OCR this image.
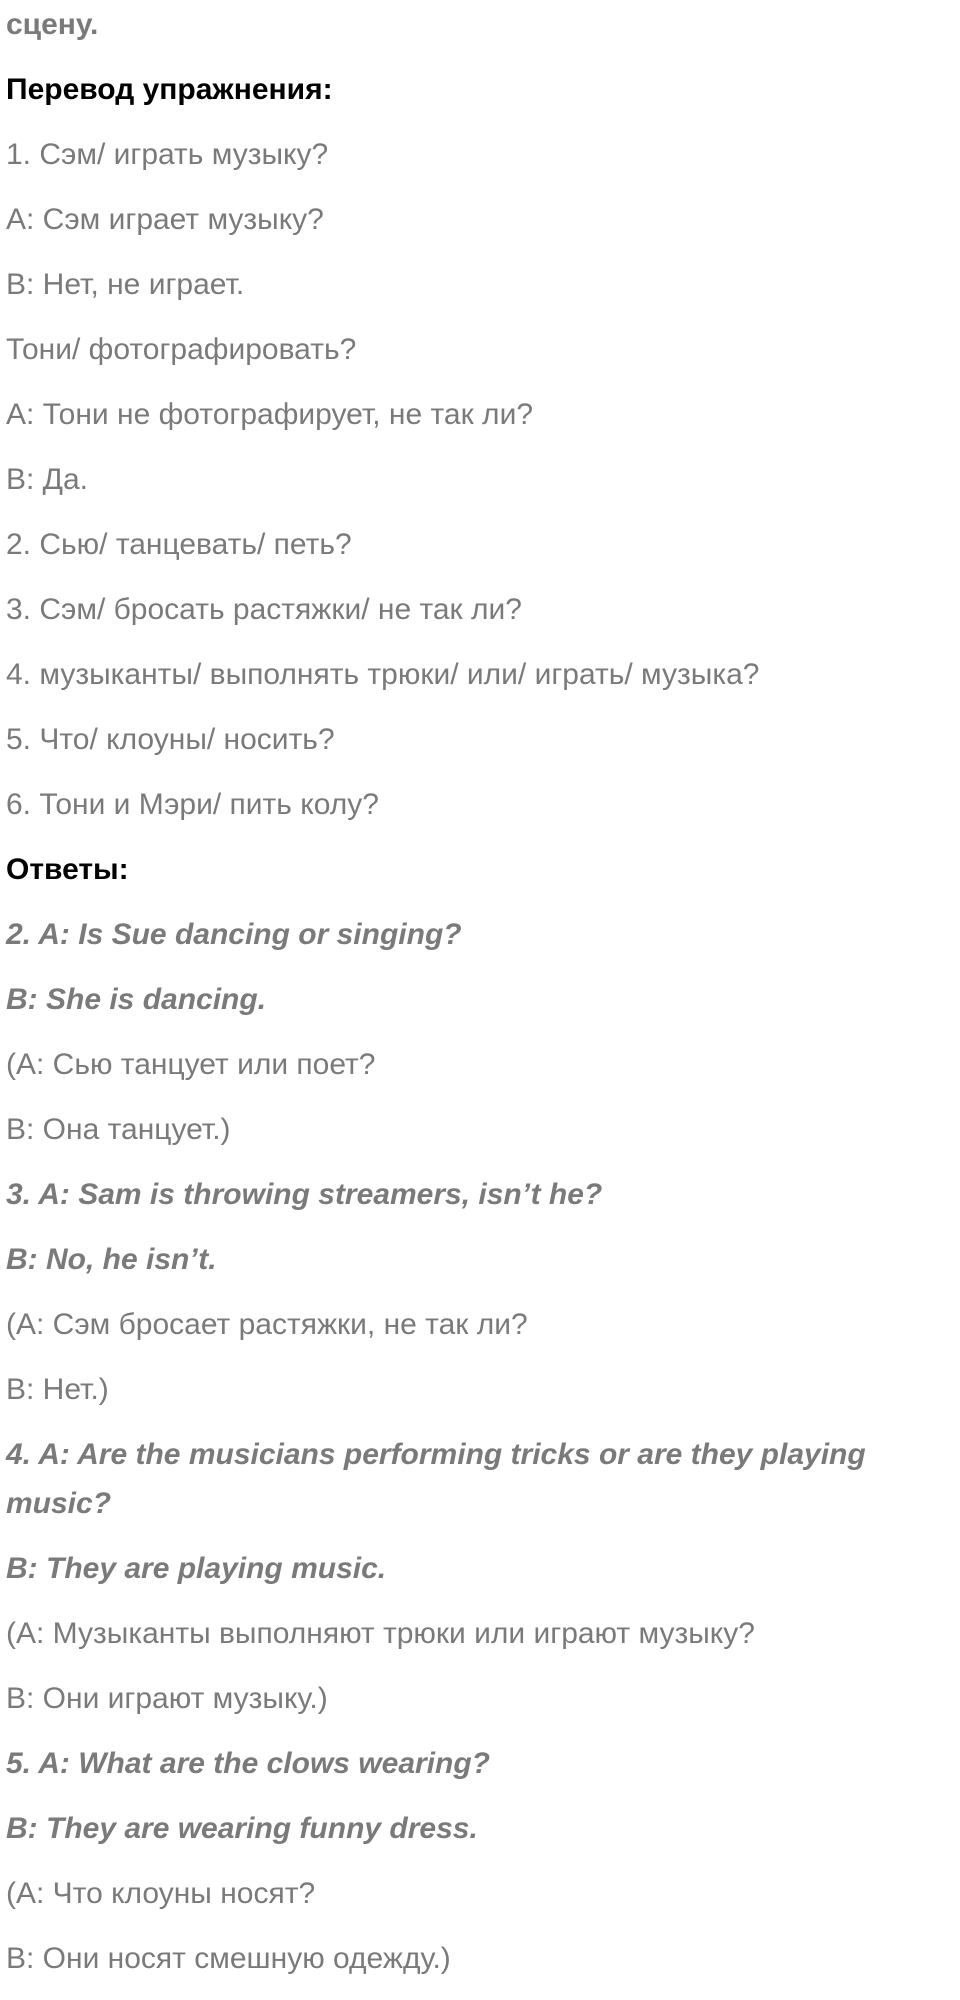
сцену.

Перевод упражнения:

1. Сэм/ играть музыку?

A: Сэм играет музыку?

B: Нет, не играет.

Тони/ фотографировать?

A: Тони не фотографирует, не так ли?

B: Да.

2. Сью/ танцевать/ петь?

3. Сэм/ бросать растяжки/ не так ли?

4. музыканты/ выполнять трюки/ или/ играть/ музыка?

5. Что/ клоуны/ носить?

6. Тони и Мэри/ пить колу?

Ответы:

2. A: Is Sue dancing or singing?

B: She is dancing.

(A: Сью танцует или поет?

B: Она танцует.)

3. A: Sam is throwing streamers, isn’t he?

B: No, he isn’t.

(A: Сэм бросает растяжки, не так ли?

B: Нет.)

4. A: Are the musicians performing tricks or are they playing music?

B: They are playing music.

(A: Музыканты выполняют трюки или играют музыку?

B: Они играют музыку.)

5. A: What are the clows wearing?

B: They are wearing funny dress.

(A: Что клоуны носят?

B: Они носят смешную одежду.)
